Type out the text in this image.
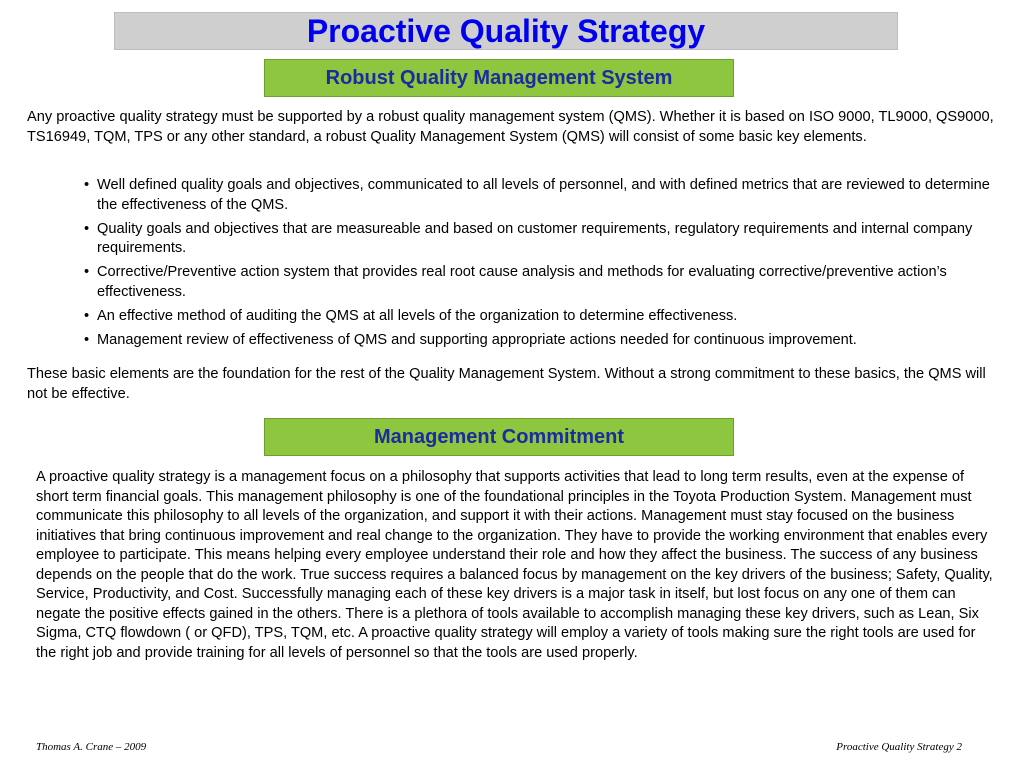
Proactive Quality Strategy
Robust Quality Management System

Any proactive quality strategy must be supported by a robust quality management system (QMS). Whether it is based on ISO 9000, TL9000, QS9000, TS16949, TQM, TPS or any other standard, a robust Quality Management System (QMS) will consist of some basic key elements.

• Well defined quality goals and objectives, communicated to all levels of personnel, and with defined metrics that are reviewed to determine the effectiveness of the QMS.
• Quality goals and objectives that are measureable and based on customer requirements, regulatory requirements and internal company requirements.
• Corrective/Preventive action system that provides real root cause analysis and methods for evaluating corrective/preventive action’s effectiveness.
• An effective method of auditing the QMS at all levels of the organization to determine effectiveness.
• Management review of effectiveness of QMS and supporting appropriate actions needed for continuous improvement.

These basic elements are the foundation for the rest of the Quality Management System. Without a strong commitment to these basics, the QMS will not be effective.

Management Commitment

A proactive quality strategy is a management focus on a philosophy that supports activities that lead to long term results, even at the expense of short term financial goals. This management philosophy is one of the foundational principles in the Toyota Production System. Management must communicate this philosophy to all levels of the organization, and support it with their actions. Management must stay focused on the business initiatives that bring continuous improvement and real change to the organization. They have to provide the working environment that enables every employee to participate. This means helping every employee understand their role and how they affect the business. The success of any business depends on the people that do the work. True success requires a balanced focus by management on the key drivers of the business; Safety, Quality, Service, Productivity, and Cost. Successfully managing each of these key drivers is a major task in itself, but lost focus on any one of them can negate the positive effects gained in the others. There is a plethora of tools available to accomplish managing these key drivers, such as Lean, Six Sigma, CTQ flowdown ( or QFD), TPS, TQM, etc. A proactive quality strategy will employ a variety of tools making sure the right tools are used for the right job and provide training for all levels of personnel so that the tools are used properly.

Thomas A. Crane – 2009	Proactive Quality Strategy 2
